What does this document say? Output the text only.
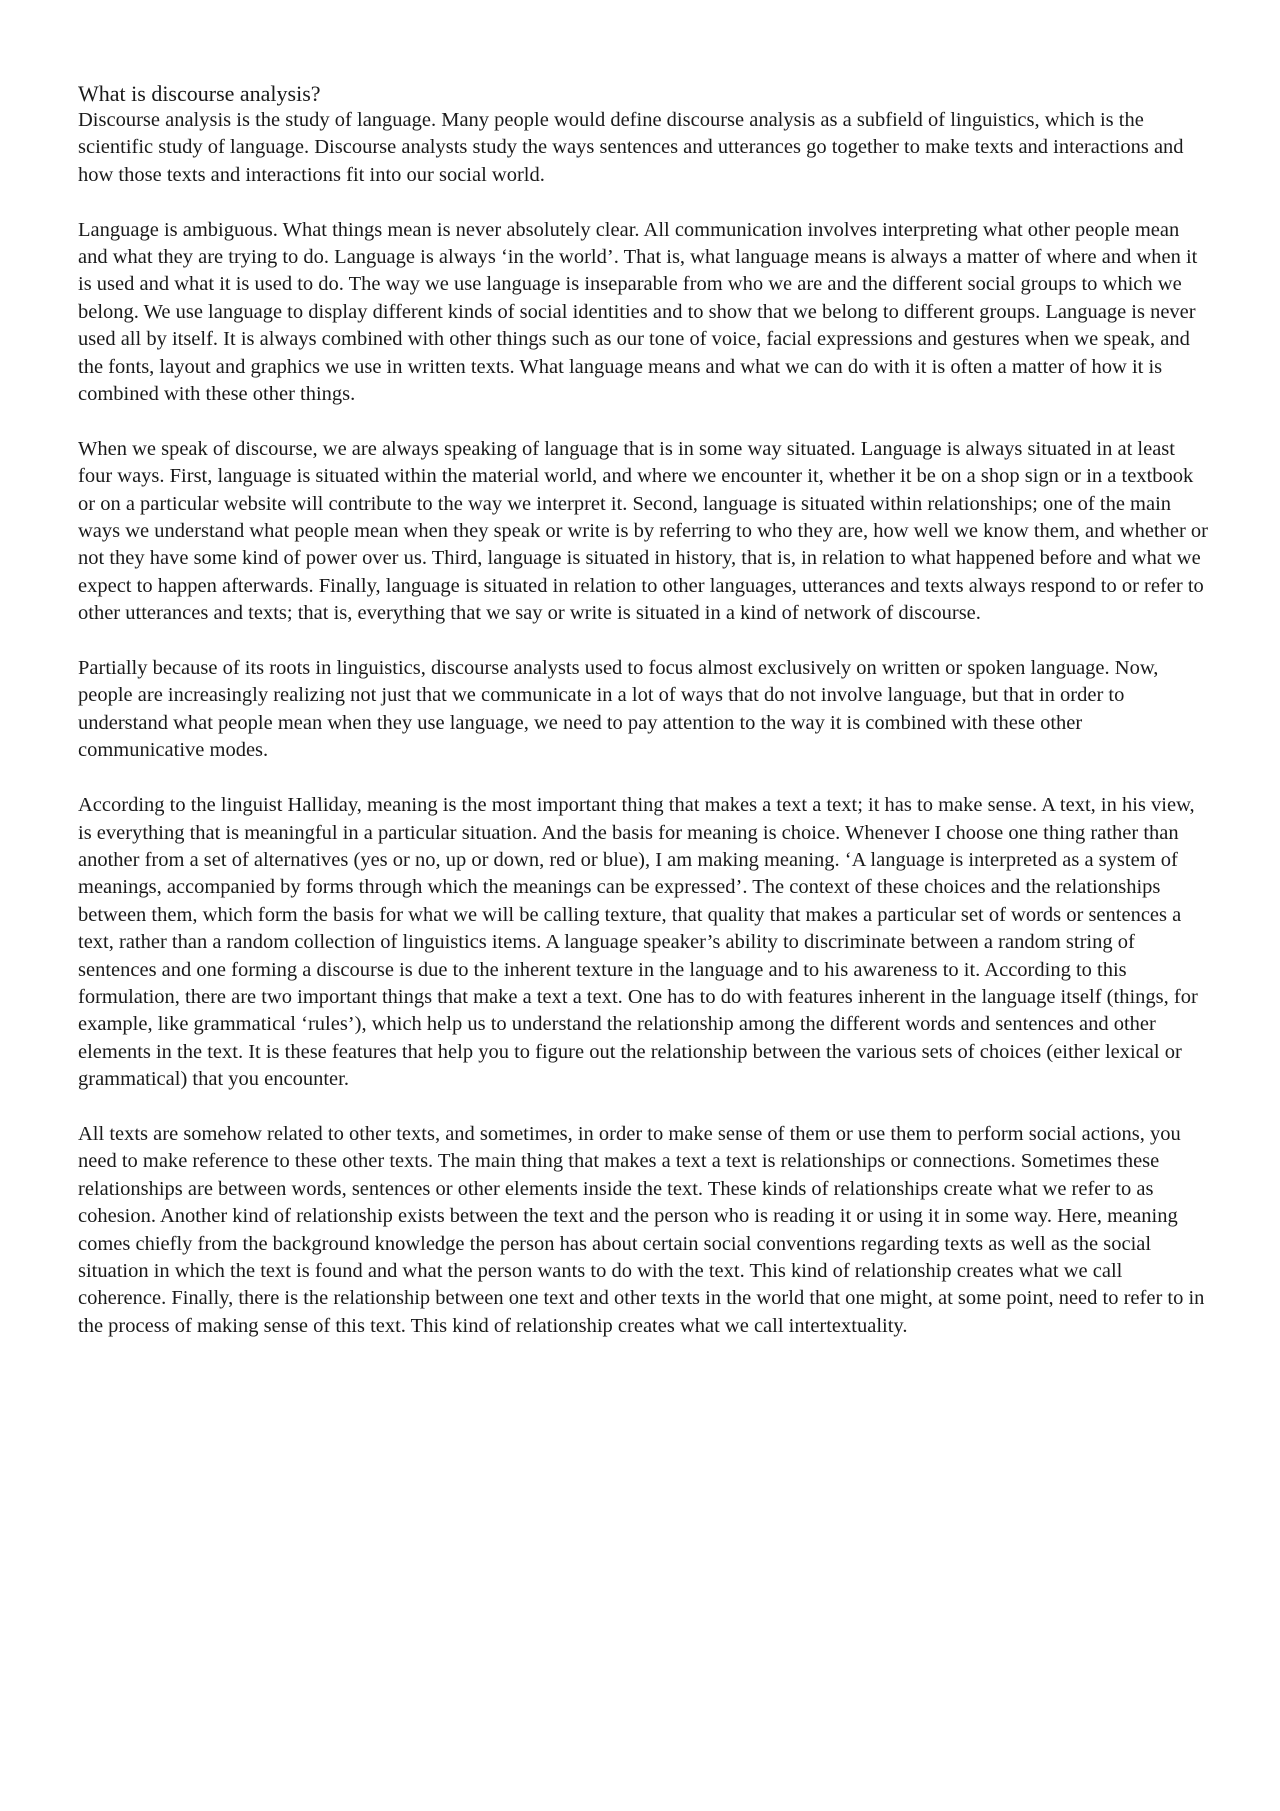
What is discourse analysis?

Discourse analysis is the study of language. Many people would define discourse analysis as a subfield of linguistics, which is the scientific study of language. Discourse analysts study the ways sentences and utterances go together to make texts and interactions and how those texts and interactions fit into our social world.

Language is ambiguous. What things mean is never absolutely clear. All communication involves interpreting what other people mean and what they are trying to do. Language is always ‘in the world’. That is, what language means is always a matter of where and when it is used and what it is used to do. The way we use language is inseparable from who we are and the different social groups to which we belong. We use language to display different kinds of social identities and to show that we belong to different groups. Language is never used all by itself. It is always combined with other things such as our tone of voice, facial expressions and gestures when we speak, and the fonts, layout and graphics we use in written texts. What language means and what we can do with it is often a matter of how it is combined with these other things.

When we speak of discourse, we are always speaking of language that is in some way situated. Language is always situated in at least four ways. First, language is situated within the material world, and where we encounter it, whether it be on a shop sign or in a textbook or on a particular website will contribute to the way we interpret it. Second, language is situated within relationships; one of the main ways we understand what people mean when they speak or write is by referring to who they are, how well we know them, and whether or not they have some kind of power over us. Third, language is situated in history, that is, in relation to what happened before and what we expect to happen afterwards. Finally, language is situated in relation to other languages, utterances and texts always respond to or refer to other utterances and texts; that is, everything that we say or write is situated in a kind of network of discourse.

Partially because of its roots in linguistics, discourse analysts used to focus almost exclusively on written or spoken language. Now, people are increasingly realizing not just that we communicate in a lot of ways that do not involve language, but that in order to understand what people mean when they use language, we need to pay attention to the way it is combined with these other communicative modes.

According to the linguist Halliday, meaning is the most important thing that makes a text a text; it has to make sense. A text, in his view, is everything that is meaningful in a particular situation. And the basis for meaning is choice. Whenever I choose one thing rather than another from a set of alternatives (yes or no, up or down, red or blue), I am making meaning. ‘A language is interpreted as a system of meanings, accompanied by forms through which the meanings can be expressed’. The context of these choices and the relationships between them, which form the basis for what we will be calling texture, that quality that makes a particular set of words or sentences a text, rather than a random collection of linguistics items. A language speaker’s ability to discriminate between a random string of sentences and one forming a discourse is due to the inherent texture in the language and to his awareness to it. According to this formulation, there are two important things that make a text a text. One has to do with features inherent in the language itself (things, for example, like grammatical ‘rules’), which help us to understand the relationship among the different words and sentences and other elements in the text. It is these features that help you to figure out the relationship between the various sets of choices (either lexical or grammatical) that you encounter.

All texts are somehow related to other texts, and sometimes, in order to make sense of them or use them to perform social actions, you need to make reference to these other texts. The main thing that makes a text a text is relationships or connections. Sometimes these relationships are between words, sentences or other elements inside the text. These kinds of relationships create what we refer to as cohesion. Another kind of relationship exists between the text and the person who is reading it or using it in some way. Here, meaning comes chiefly from the background knowledge the person has about certain social conventions regarding texts as well as the social situation in which the text is found and what the person wants to do with the text. This kind of relationship creates what we call coherence. Finally, there is the relationship between one text and other texts in the world that one might, at some point, need to refer to in the process of making sense of this text. This kind of relationship creates what we call intertextuality.
